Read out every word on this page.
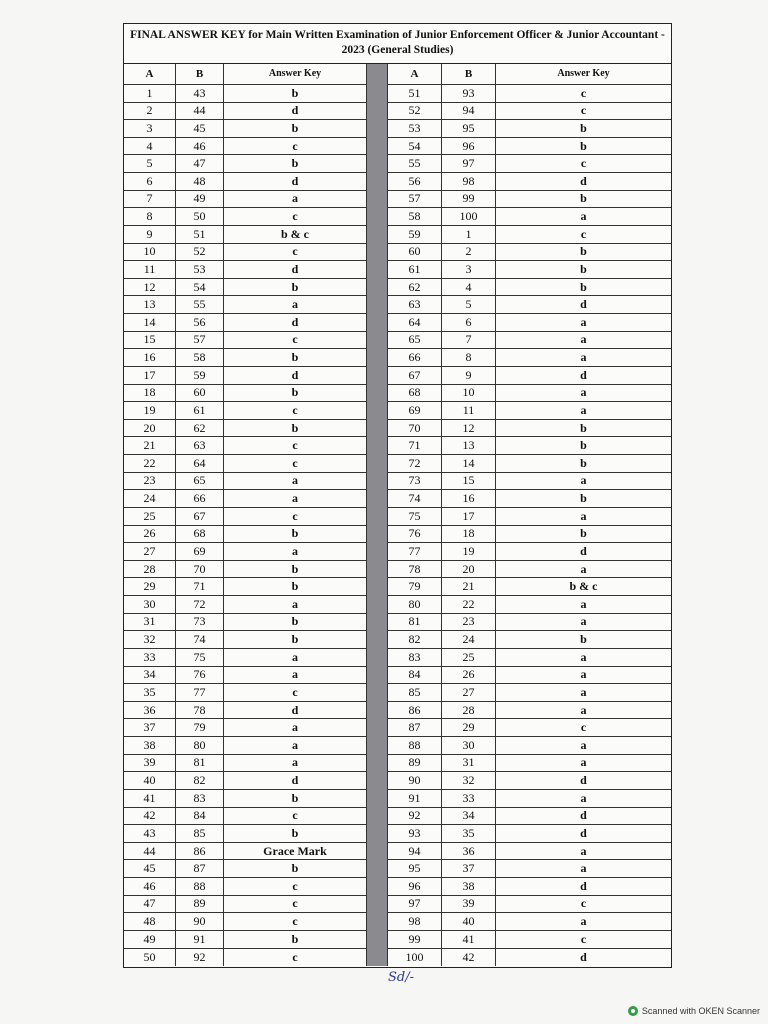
FINAL ANSWER KEY for Main Written Examination of Junior Enforcement Officer & Junior Accountant -
2023 (General Studies)
A	B	Answer Key
1	43	b
2	44	d
3	45	b
4	46	c
5	47	b
6	48	d
7	49	a
8	50	c
9	51	b & c
10	52	c
11	53	d
12	54	b
13	55	a
14	56	d
15	57	c
16	58	b
17	59	d
18	60	b
19	61	c
20	62	b
21	63	c
22	64	c
23	65	a
24	66	a
25	67	c
26	68	b
27	69	a
28	70	b
29	71	b
30	72	a
31	73	b
32	74	b
33	75	a
34	76	a
35	77	c
36	78	d
37	79	a
38	80	a
39	81	a
40	82	d
41	83	b
42	84	c
43	85	b
44	86	Grace Mark
45	87	b
46	88	c
47	89	c
48	90	c
49	91	b
50	92	c
A	B	Answer Key
51	93	c
52	94	c
53	95	b
54	96	b
55	97	c
56	98	d
57	99	b
58	100	a
59	1	c
60	2	b
61	3	b
62	4	b
63	5	d
64	6	a
65	7	a
66	8	a
67	9	d
68	10	a
69	11	a
70	12	b
71	13	b
72	14	b
73	15	a
74	16	b
75	17	a
76	18	b
77	19	d
78	20	a
79	21	b & c
80	22	a
81	23	a
82	24	b
83	25	a
84	26	a
85	27	a
86	28	a
87	29	c
88	30	a
89	31	a
90	32	d
91	33	a
92	34	d
93	35	d
94	36	a
95	37	a
96	38	d
97	39	c
98	40	a
99	41	c
100	42	d
Sd/-
Scanned with OKEN Scanner
